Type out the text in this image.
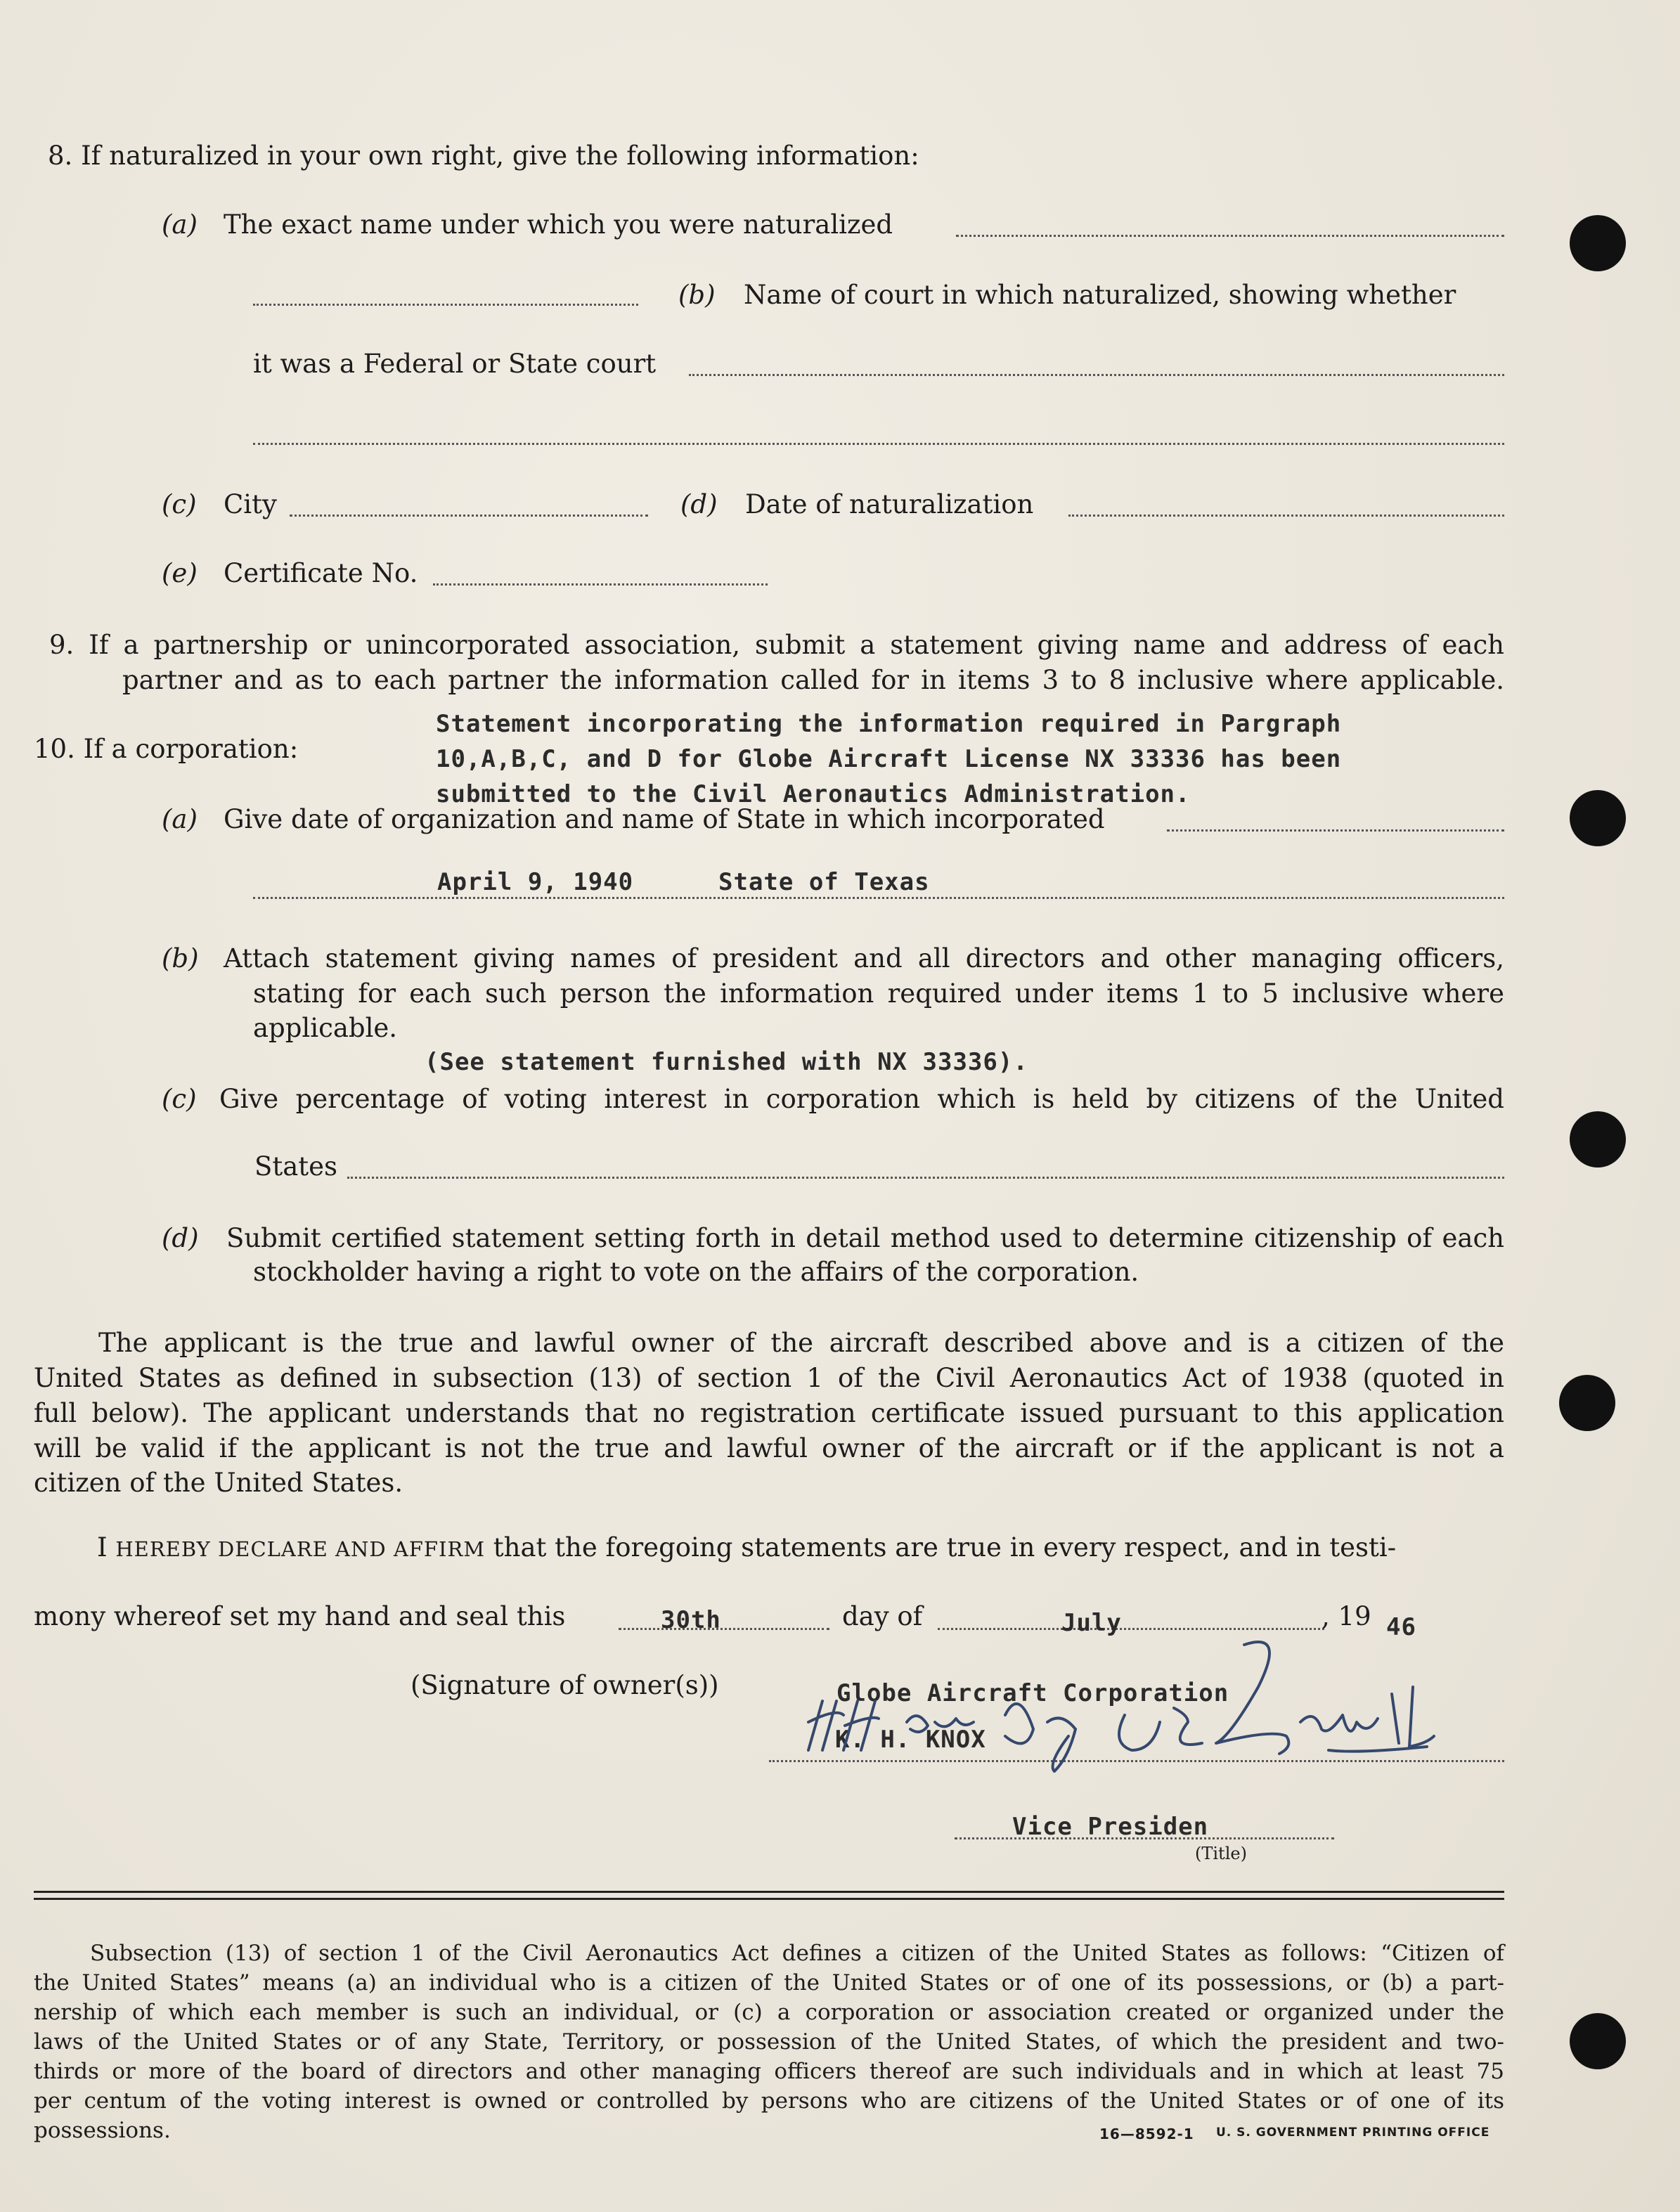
8. If naturalized in your own right, give the following information:
(a) The exact name under which you were naturalized
(b) Name of court in which naturalized, showing whether
it was a Federal or State court
(c) City	(d) Date of naturalization
(e) Certificate No.
9. If a partnership or unincorporated association, submit a statement giving name and address of each
partner and as to each partner the information called for in items 3 to 8 inclusive where applicable.
10. If a corporation:
Statement incorporating the information required in Pargraph
10,A,B,C, and D for Globe Aircraft License NX 33336 has been
submitted to the Civil Aeronautics Administration.
(a) Give date of organization and name of State in which incorporated
April 9, 1940	State of Texas
(b) Attach statement giving names of president and all directors and other managing officers,
stating for each such person the information required under items 1 to 5 inclusive where
applicable.
(See statement furnished with NX 33336).
(c) Give percentage of voting interest in corporation which is held by citizens of the United
States
(d) Submit certified statement setting forth in detail method used to determine citizenship of each
stockholder having a right to vote on the affairs of the corporation.
The applicant is the true and lawful owner of the aircraft described above and is a citizen of the
United States as defined in subsection (13) of section 1 of the Civil Aeronautics Act of 1938 (quoted in
full below). The applicant understands that no registration certificate issued pursuant to this application
will be valid if the applicant is not the true and lawful owner of the aircraft or if the applicant is not a
citizen of the United States.
I HEREBY DECLARE AND AFFIRM that the foregoing statements are true in every respect, and in testi-
mony whereof set my hand and seal this	30th	day of	July	, 19 46
(Signature of owner(s))	Globe Aircraft Corporation
K. H. KNOX
Vice Presiden
(Title)
Subsection (13) of section 1 of the Civil Aeronautics Act defines a citizen of the United States as follows: “Citizen of
the United States” means (a) an individual who is a citizen of the United States or of one of its possessions, or (b) a part-
nership of which each member is such an individual, or (c) a corporation or association created or organized under the
laws of the United States or of any State, Territory, or possession of the United States, of which the president and two-
thirds or more of the board of directors and other managing officers thereof are such individuals and in which at least 75
per centum of the voting interest is owned or controlled by persons who are citizens of the United States or of one of its
possessions.	16—8592-1 U. S. GOVERNMENT PRINTING OFFICE
